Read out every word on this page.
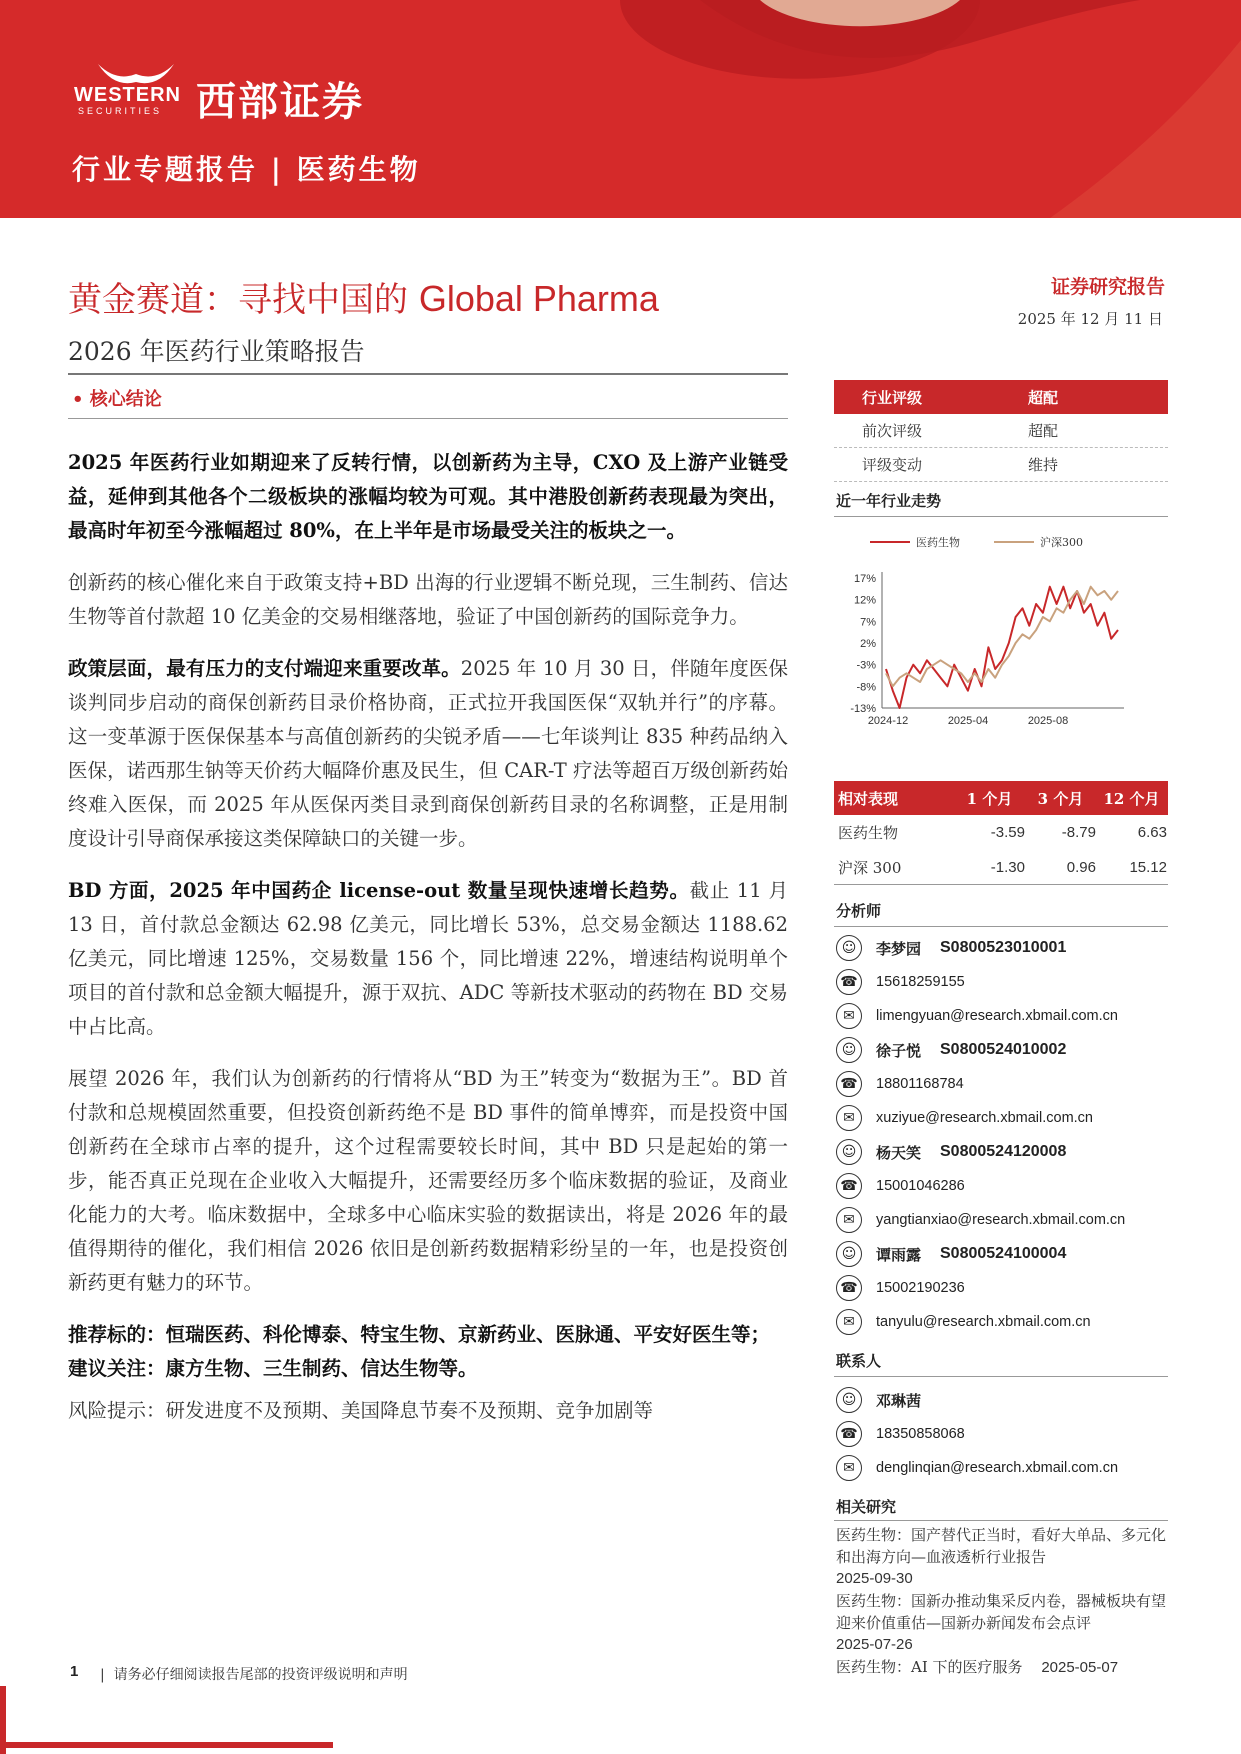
WESTERN
SECURITIES 西部证券
行业专题报告 | 医药生物
黄金赛道：寻找中国的 Global Pharma
2026 年医药行业策略报告
• 核心结论

2025 年医药行业如期迎来了反转行情，以创新药为主导，CXO 及上游产业链受益，延伸到其他各个二级板块的涨幅均较为可观。其中港股创新药表现最为突出，最高时年初至今涨幅超过 80%，在上半年是市场最受关注的板块之一。

创新药的核心催化来自于政策支持+BD 出海的行业逻辑不断兑现，三生制药、信达生物等首付款超 10 亿美金的交易相继落地，验证了中国创新药的国际竞争力。

政策层面，最有压力的支付端迎来重要改革。2025 年 10 月 30 日，伴随年度医保谈判同步启动的商保创新药目录价格协商，正式拉开我国医保“双轨并行”的序幕。这一变革源于医保保基本与高值创新药的尖锐矛盾——七年谈判让 835 种药品纳入医保，诺西那生钠等天价药大幅降价惠及民生，但 CAR-T 疗法等超百万级创新药始终难入医保，而 2025 年从医保丙类目录到商保创新药目录的名称调整，正是用制度设计引导商保承接这类保障缺口的关键一步。

BD 方面，2025 年中国药企 license-out 数量呈现快速增长趋势。截止 11 月 13 日，首付款总金额达 62.98 亿美元，同比增长 53%，总交易金额达 1188.62 亿美元，同比增速 125%，交易数量 156 个，同比增速 22%，增速结构说明单个项目的首付款和总金额大幅提升，源于双抗、ADC 等新技术驱动的药物在 BD 交易中占比高。

展望 2026 年，我们认为创新药的行情将从“BD 为王”转变为“数据为王”。BD 首付款和总规模固然重要，但投资创新药绝不是 BD 事件的简单博弈，而是投资中国创新药在全球市占率的提升，这个过程需要较长时间，其中 BD 只是起始的第一步，能否真正兑现在企业收入大幅提升，还需要经历多个临床数据的验证，及商业化能力的大考。临床数据中，全球多中心临床实验的数据读出，将是 2026 年的最值得期待的催化，我们相信 2026 依旧是创新药数据精彩纷呈的一年，也是投资创新药更有魅力的环节。

推荐标的：恒瑞医药、科伦博泰、特宝生物、京新药业、医脉通、平安好医生等；

建议关注：康方生物、三生制药、信达生物等。

风险提示：研发进度不及预期、美国降息节奏不及预期、竞争加剧等

证券研究报告
2025 年 12 月 11 日
行业评级	超配
前次评级	超配
评级变动	维持
近一年行业走势
医药生物	沪深300
17%
12%
7%
2%
-3%
-8%
-13%
2024-12	2025-04	2025-08
相对表现	1 个月	3 个月	12 个月
医药生物	-3.59	-8.79	6.63
沪深 300	-1.30	0.96	15.12
分析师
☺	李梦园	S0800523010001
☎ 15618259155
✉	limengyuan@research.xbmail.com.cn
☺	徐子悦	S0800524010002
☎ 18801168784
✉	xuziyue@research.xbmail.com.cn
☺	杨天笑	S0800524120008
☎ 15001046286
✉	yangtianxiao@research.xbmail.com.cn
☺	谭雨露	S0800524100004
☎ 15002190236
✉	tanyulu@research.xbmail.com.cn
联系人
☺	邓琳茜
☎ 18350858068
✉	denglinqian@research.xbmail.com.cn
相关研究
医药生物：国产替代正当时，看好大单品、多元化和出海方向—血液透析行业报告
2025-09-30
医药生物：国新办推动集采反内卷，器械板块有望迎来价值重估—国新办新闻发布会点评
2025-07-26
医药生物：AI 下的医疗服务 2025-05-07
1 |  请务必仔细阅读报告尾部的投资评级说明和声明
